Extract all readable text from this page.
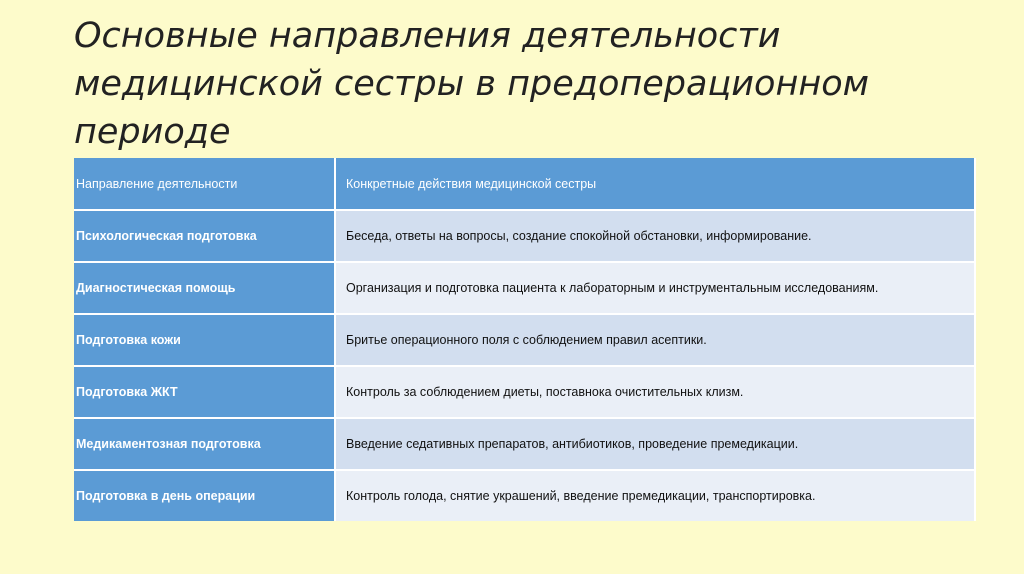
Основные направления деятельности
медицинской сестры в предоперационном
периоде
Направление деятельности	Конкретные действия медицинской сестры
Психологическая подготовка	Беседа, ответы на вопросы, создание спокойной обстановки, информирование.
Диагностическая помощь	Организация и подготовка пациента к лабораторным и инструментальным исследованиям.
Подготовка кожи	Бритье операционного поля с соблюдением правил асептики.
Подготовка ЖКТ	Контроль за соблюдением диеты, поставнока очистительных клизм.
Медикаментозная подготовка	Введение седативных препаратов, антибиотиков, проведение премедикации.
Подготовка в день операции	Контроль голода, снятие украшений, введение премедикации, транспортировка.
